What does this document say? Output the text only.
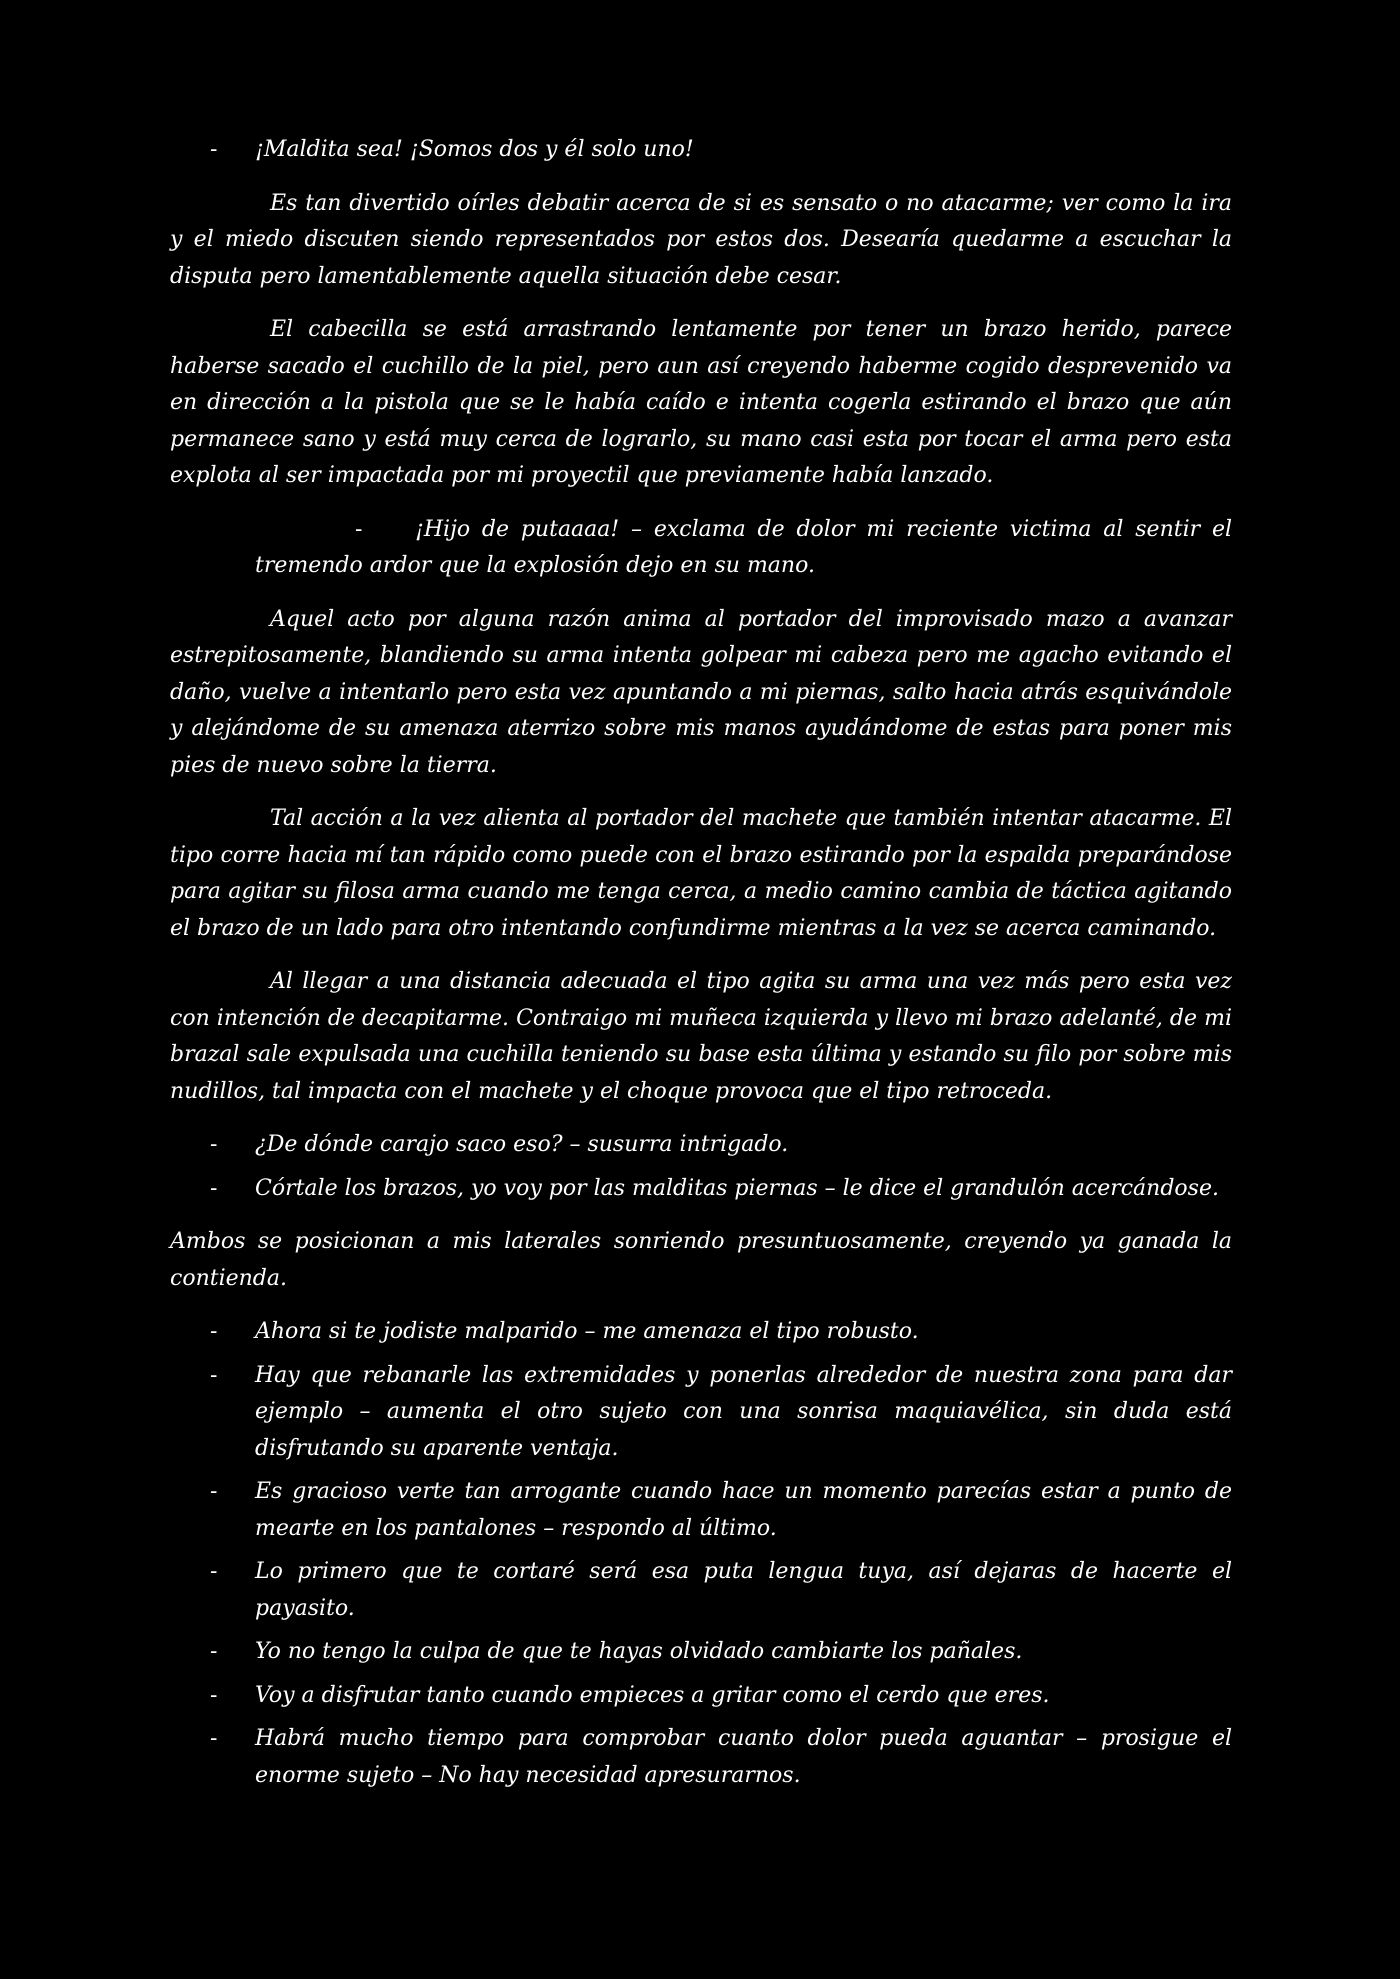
- ¡Maldita sea! ¡Somos dos y él solo uno!

Es tan divertido oírles debatir acerca de si es sensato o no atacarme; ver como la ira y el miedo discuten siendo representados por estos dos. Desearía quedarme a escuchar la disputa pero lamentablemente aquella situación debe cesar.

El cabecilla se está arrastrando lentamente por tener un brazo herido, parece haberse sacado el cuchillo de la piel, pero aun así creyendo haberme cogido desprevenido va en dirección a la pistola que se le había caído e intenta cogerla estirando el brazo que aún permanece sano y está muy cerca de lograrlo, su mano casi esta por tocar el arma pero esta explota al ser impactada por mi proyectil que previamente había lanzado.

-	¡Hijo de putaaaa! – exclama de dolor mi reciente victima al sentir el tremendo ardor que la explosión dejo en su mano.

Aquel acto por alguna razón anima al portador del improvisado mazo a avanzar estrepitosamente, blandiendo su arma intenta golpear mi cabeza pero me agacho evitando el daño, vuelve a intentarlo pero esta vez apuntando a mi piernas, salto hacia atrás esquivándole y alejándome de su amenaza aterrizo sobre mis manos ayudándome de estas para poner mis pies de nuevo sobre la tierra.

Tal acción a la vez alienta al portador del machete que también intentar atacarme. El tipo corre hacia mí tan rápido como puede con el brazo estirando por la espalda preparándose para agitar su filosa arma cuando me tenga cerca, a medio camino cambia de táctica agitando el brazo de un lado para otro intentando confundirme mientras a la vez se acerca caminando.

Al llegar a una distancia adecuada el tipo agita su arma una vez más pero esta vez con intención de decapitarme. Contraigo mi muñeca izquierda y llevo mi brazo adelanté, de mi brazal sale expulsada una cuchilla teniendo su base esta última y estando su filo por sobre mis nudillos, tal impacta con el machete y el choque provoca que el tipo retroceda.

- ¿De dónde carajo saco eso? – susurra intrigado.
- Córtale los brazos, yo voy por las malditas piernas – le dice el grandulón acercándose.

Ambos se posicionan a mis laterales sonriendo presuntuosamente, creyendo ya ganada la contienda.

- Ahora si te jodiste malparido – me amenaza el tipo robusto.
- Hay que rebanarle las extremidades y ponerlas alrededor de nuestra zona para dar ejemplo – aumenta el otro sujeto con una sonrisa maquiavélica, sin duda está disfrutando su aparente ventaja.
- Es gracioso verte tan arrogante cuando hace un momento parecías estar a punto de mearte en los pantalones – respondo al último.
- Lo primero que te cortaré será esa puta lengua tuya, así dejaras de hacerte el payasito.
- Yo no tengo la culpa de que te hayas olvidado cambiarte los pañales.
- Voy a disfrutar tanto cuando empieces a gritar como el cerdo que eres.
- Habrá mucho tiempo para comprobar cuanto dolor pueda aguantar – prosigue el enorme sujeto – No hay necesidad apresurarnos.
